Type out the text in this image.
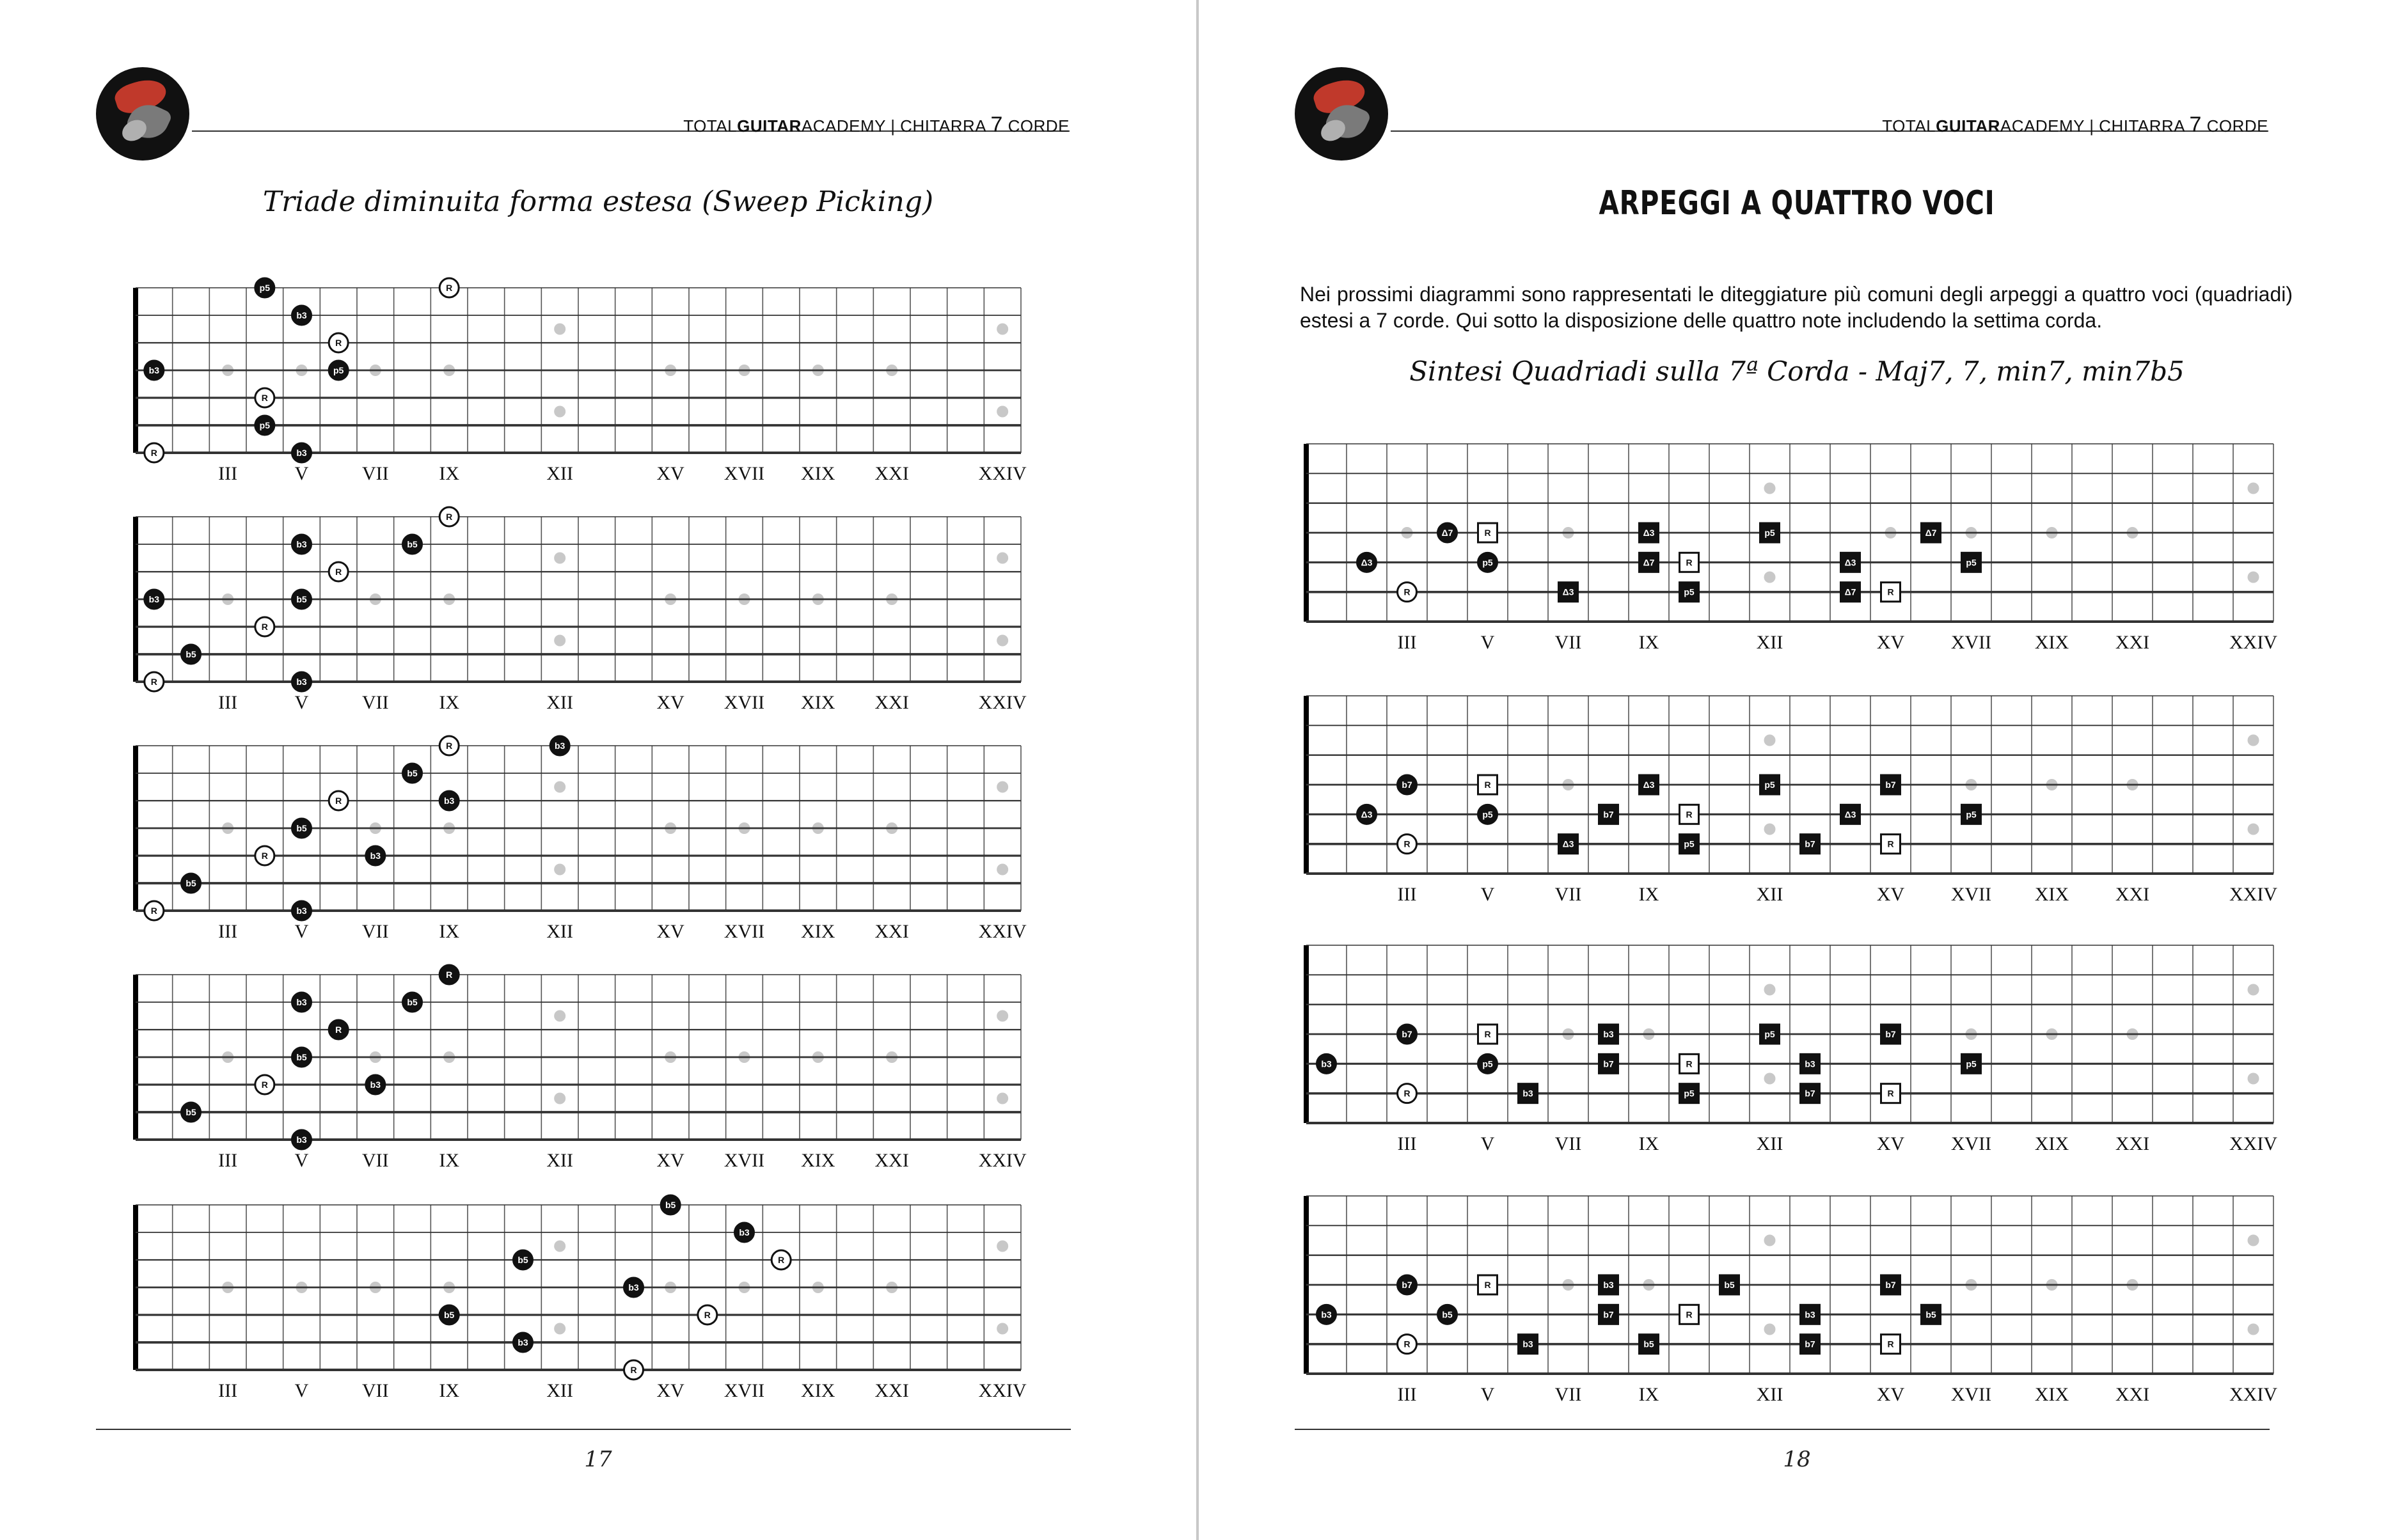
TOTALGUITARACADEMY | CHITARRA 7 CORDE
Triade diminuita forma estesa (Sweep Picking)
III	V	VII	IX	XII	XV XVII XIX XXI	XXIV
p5	R
b3
R
b3	p5
R
p5
R	b3
III	V	VII	IX	XII	XV XVII XIX XXI	XXIV
R
b3	b5
R
b3	b5
R
b5
R	b3
III	V	VII	IX	XII	XV XVII XIX XXI	XXIV
R	b3
b5
R	b3
b5
R	b3
b5
R	b3
III	V	VII	IX	XII	XV XVII XIX XXI	XXIV
R
b3	b5
R
b5
R	b3
b5
b3
III	V	VII	IX	XII	XV XVII XIX XXI	XXIV
b5
b3
b5	R
b3
b5	R
b3
R
17
TOTALGUITARACADEMY | CHITARRA 7 CORDE
ARPEGGI A QUATTRO VOCI
Nei prossimi diagrammi sono rappresentati le diteggiature più comuni degli arpeggi a quattro voci (quadriadi) estesi a 7 corde. Qui sotto la disposizione delle quattro note includendo la settima corda.
Sintesi Quadriadi sulla 7ª Corda - Maj7, 7, min7, min7b5
III	V	VII	IX	XII	XV XVII XIX XXI	XXIV
Δ7	R	Δ3	p5	Δ7
Δ3	p5	Δ7	R	Δ3	p5
R	Δ3	p5	Δ7	R
III	V	VII	IX	XII	XV XVII XIX XXI	XXIV
b7	R	Δ3	p5	b7
Δ3	p5	b7	R	Δ3	p5
R	Δ3	p5	b7	R
III	V	VII	IX	XII	XV XVII XIX XXI	XXIV
b7	R	b3	p5	b7
b3	p5	b7	R	b3	p5
R	b3	p5	b7	R
III	V	VII	IX	XII	XV XVII XIX XXI	XXIV
b7	R	b3	b5	b7
b3	b5	b7	R	b3	b5
R	b3	b5	b7	R
18
